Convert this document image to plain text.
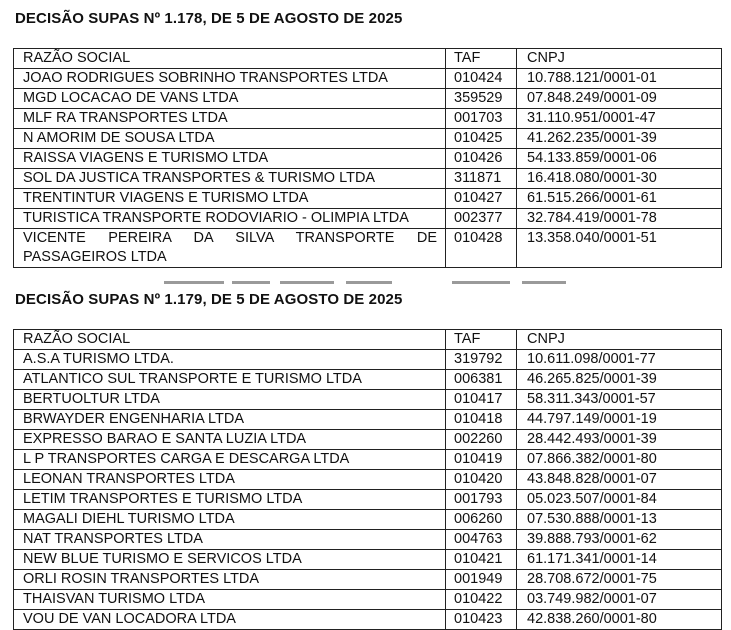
DECISÃO SUPAS Nº 1.178, DE 5 DE AGOSTO DE 2025
RAZÃO SOCIAL	TAF	CNPJ
JOAO RODRIGUES SOBRINHO TRANSPORTES LTDA	010424	10.788.121/0001-01
MGD LOCACAO DE VANS LTDA	359529	07.848.249/0001-09
MLF RA TRANSPORTES LTDA	001703	31.110.951/0001-47
N AMORIM DE SOUSA LTDA	010425	41.262.235/0001-39
RAISSA VIAGENS E TURISMO LTDA	010426	54.133.859/0001-06
SOL DA JUSTICA TRANSPORTES & TURISMO LTDA	311871	16.418.080/0001-30
TRENTINTUR VIAGENS E TURISMO LTDA	010427	61.515.266/0001-61
TURISTICA TRANSPORTE RODOVIARIO - OLIMPIA LTDA	002377	32.784.419/0001-78
VICENTE PEREIRA DA SILVA TRANSPORTE DE PASSAGEIROS LTDA	010428	13.358.040/0001-51
DECISÃO SUPAS Nº 1.179, DE 5 DE AGOSTO DE 2025
RAZÃO SOCIAL	TAF	CNPJ
A.S.A TURISMO LTDA.	319792	10.611.098/0001-77
ATLANTICO SUL TRANSPORTE E TURISMO LTDA	006381	46.265.825/0001-39
BERTUOLTUR LTDA	010417	58.311.343/0001-57
BRWAYDER ENGENHARIA LTDA	010418	44.797.149/0001-19
EXPRESSO BARAO E SANTA LUZIA LTDA	002260	28.442.493/0001-39
L P TRANSPORTES CARGA E DESCARGA LTDA	010419	07.866.382/0001-80
LEONAN TRANSPORTES LTDA	010420	43.848.828/0001-07
LETIM TRANSPORTES E TURISMO LTDA	001793	05.023.507/0001-84
MAGALI DIEHL TURISMO LTDA	006260	07.530.888/0001-13
NAT TRANSPORTES LTDA	004763	39.888.793/0001-62
NEW BLUE TURISMO E SERVICOS LTDA	010421	61.171.341/0001-14
ORLI ROSIN TRANSPORTES LTDA	001949	28.708.672/0001-75
THAISVAN TURISMO LTDA	010422	03.749.982/0001-07
VOU DE VAN LOCADORA LTDA	010423	42.838.260/0001-80
